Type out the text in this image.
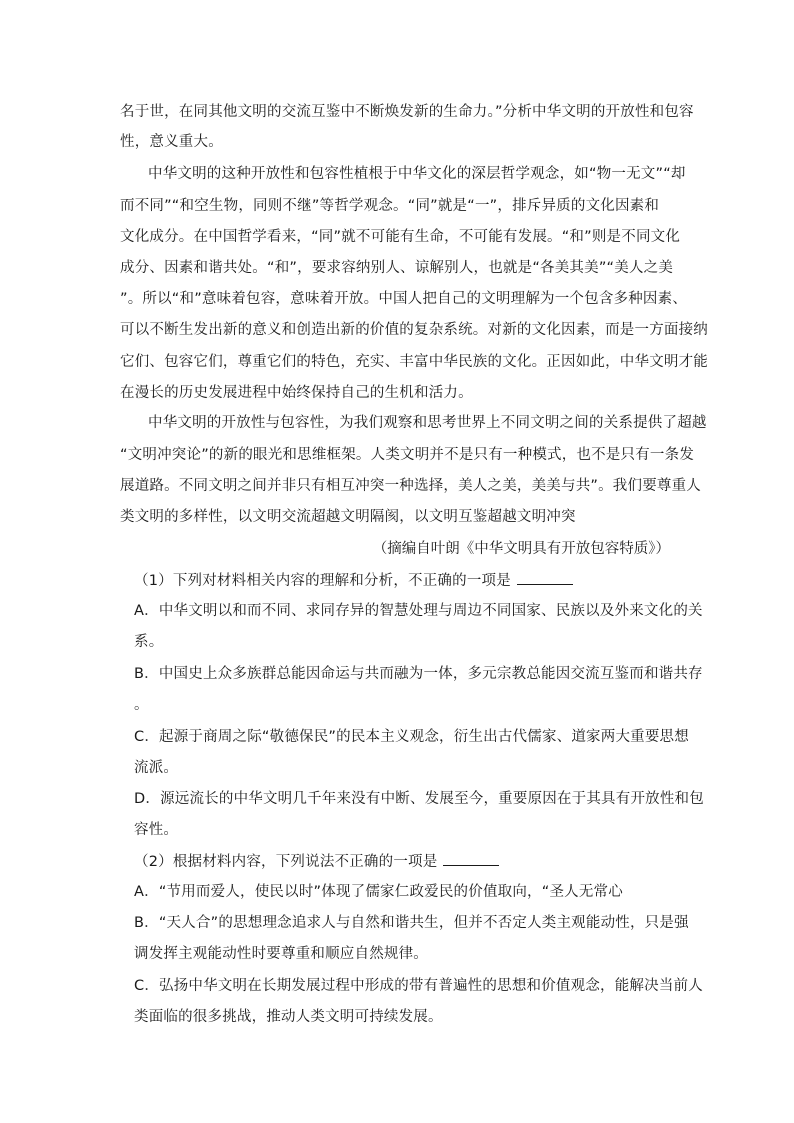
名于世，在同其他文明的交流互鉴中不断焕发新的生命力。”分析中华文明的开放性和包容
性，意义重大。
中华文明的这种开放性和包容性植根于中华文化的深层哲学观念，如“物一无文”“却
而不同”“和空生物，同则不继”等哲学观念。“同”就是“一”，排斥异质的文化因素和
文化成分。在中国哲学看来，“同”就不可能有生命，不可能有发展。“和”则是不同文化
成分、因素和谐共处。“和”，要求容纳别人、谅解别人，也就是“各美其美”“美人之美
”。所以“和”意味着包容，意味着开放。中国人把自己的文明理解为一个包含多种因素、
可以不断生发出新的意义和创造出新的价值的复杂系统。对新的文化因素，而是一方面接纳
它们、包容它们，尊重它们的特色，充实、丰富中华民族的文化。正因如此，中华文明才能
在漫长的历史发展进程中始终保持自己的生机和活力。
中华文明的开放性与包容性，为我们观察和思考世界上不同文明之间的关系提供了超越
“文明冲突论”的新的眼光和思维框架。人类文明并不是只有一种模式，也不是只有一条发
展道路。不同文明之间并非只有相互冲突一种选择，美人之美，美美与共”。我们要尊重人
类文明的多样性，以文明交流超越文明隔阂，以文明互鉴超越文明冲突
（摘编自叶朗《中华文明具有开放包容特质》）
（1）下列对材料相关内容的理解和分析，不正确的一项是
A．中华文明以和而不同、求同存异的智慧处理与周边不同国家、民族以及外来文化的关
系。
B．中国史上众多族群总能因命运与共而融为一体，多元宗教总能因交流互鉴而和谐共存
。
C．起源于商周之际“敬德保民”的民本主义观念，衍生出古代儒家、道家两大重要思想
流派。
D．源远流长的中华文明几千年来没有中断、发展至今，重要原因在于其具有开放性和包
容性。
（2）根据材料内容，下列说法不正确的一项是
A．“节用而爱人，使民以时”体现了儒家仁政爱民的价值取向，“圣人无常心
B．“天人合”的思想理念追求人与自然和谐共生，但并不否定人类主观能动性，只是强
调发挥主观能动性时要尊重和顺应自然规律。
C．弘扬中华文明在长期发展过程中形成的带有普遍性的思想和价值观念，能解决当前人
类面临的很多挑战，推动人类文明可持续发展。
